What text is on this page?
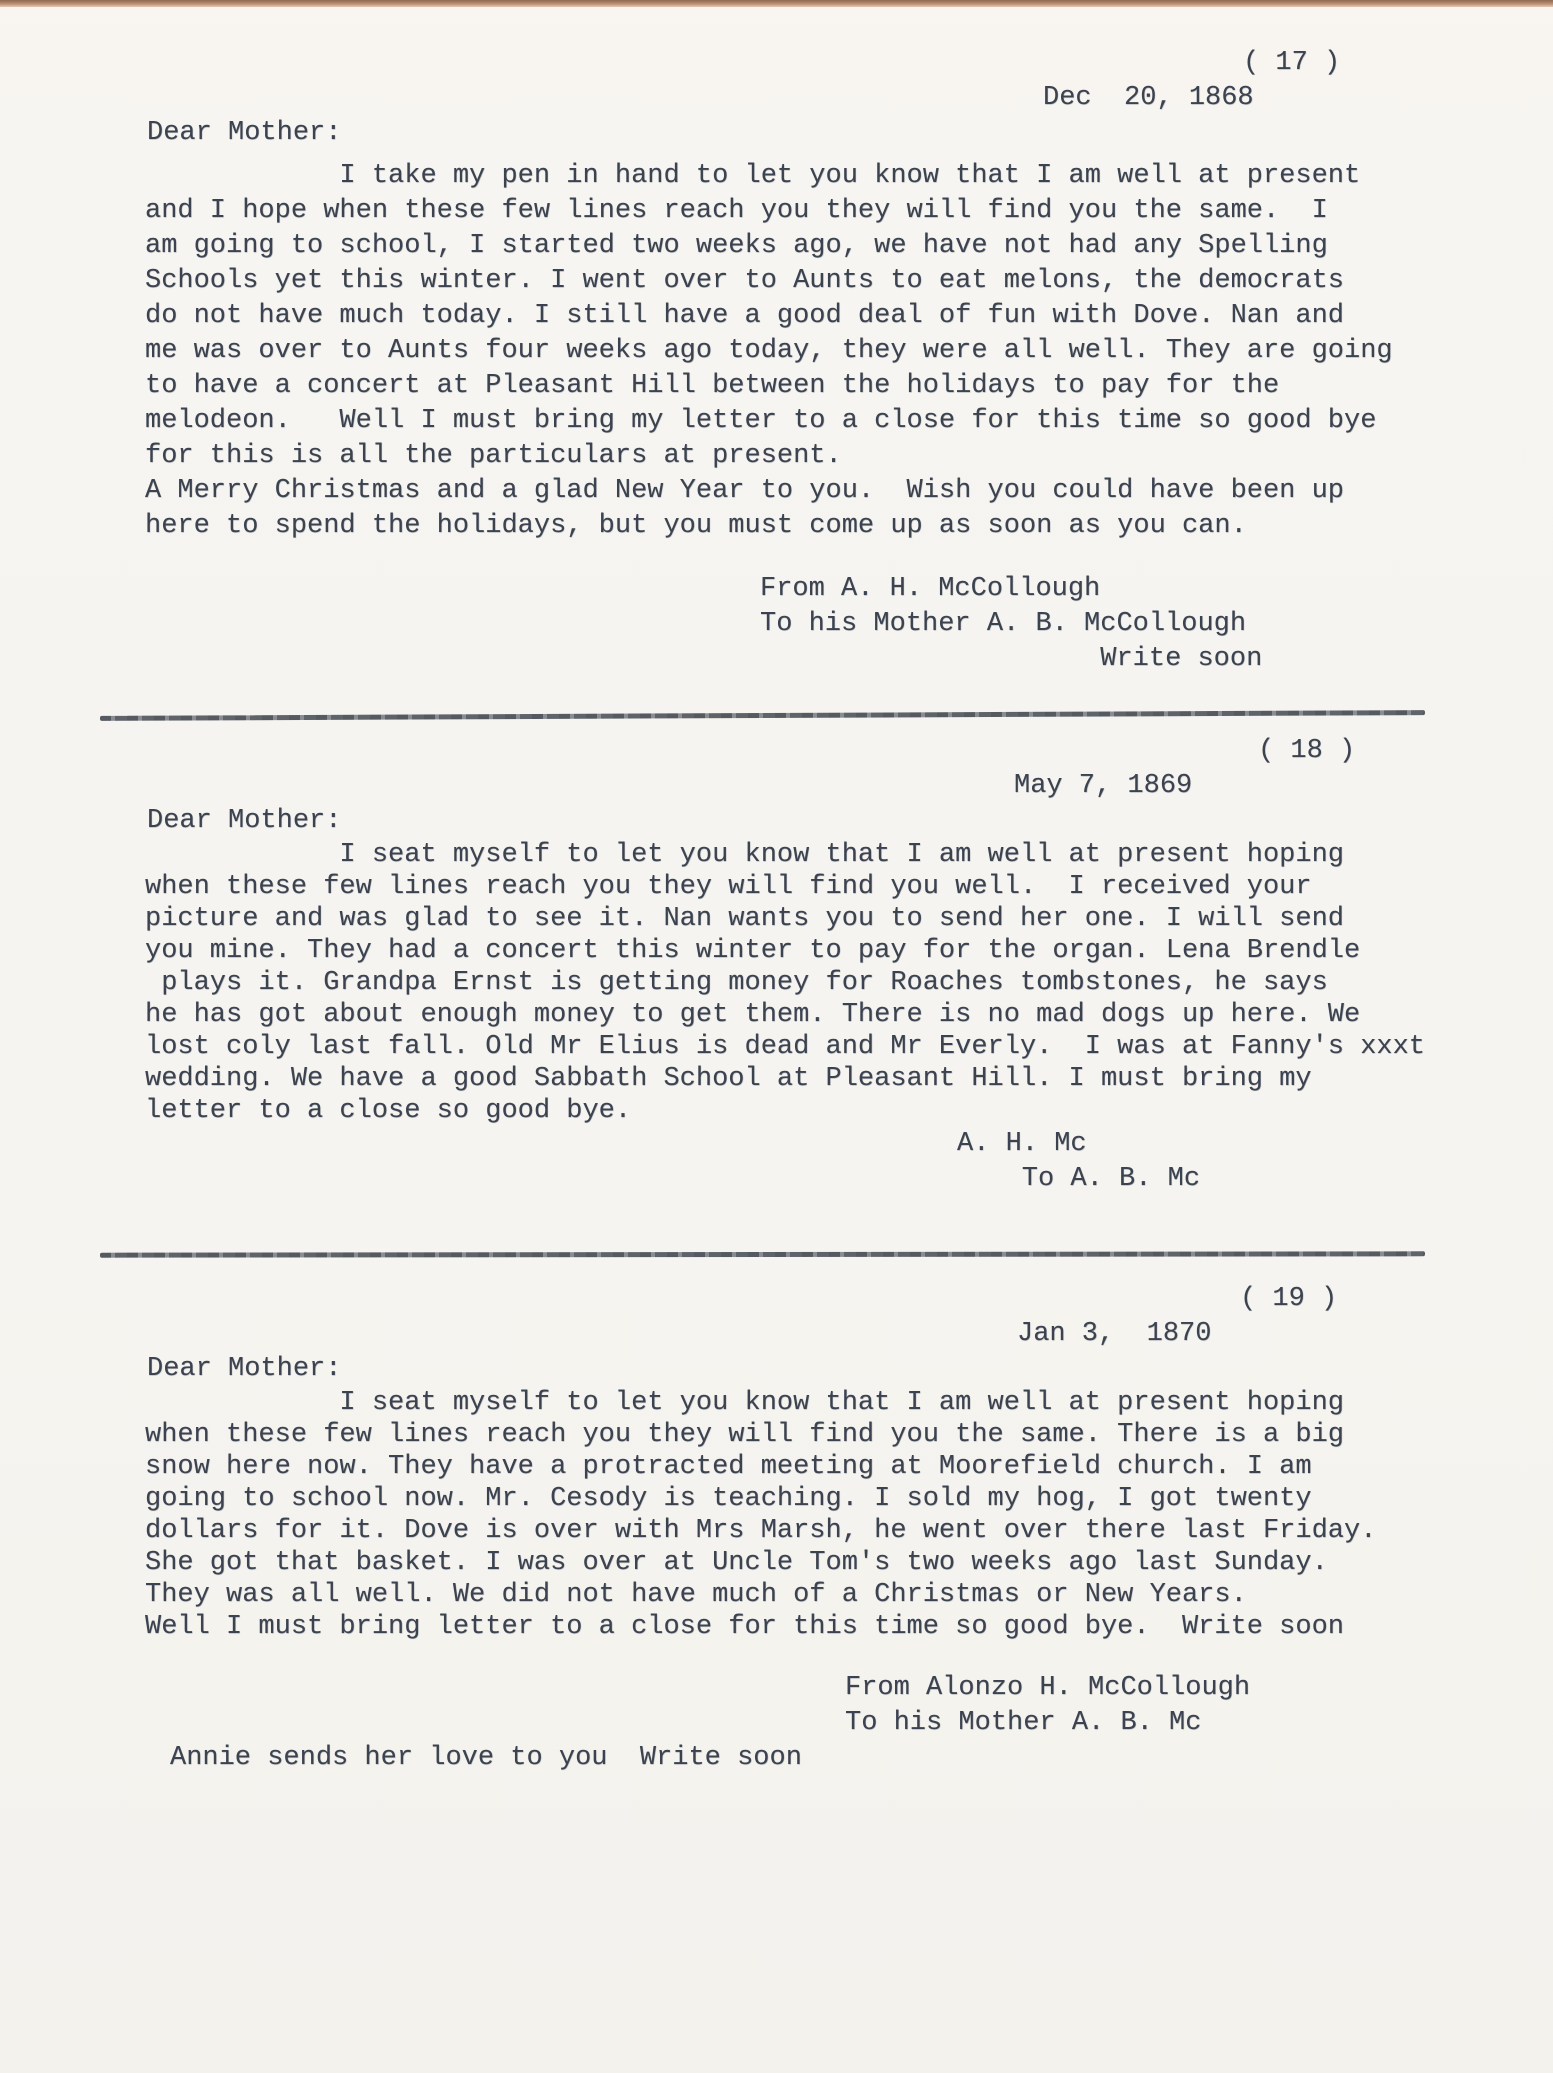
( 17 )
Dec  20, 1868
Dear Mother:
I take my pen in hand to let you know that I am well at present
and I hope when these few lines reach you they will find you the same.  I
am going to school, I started two weeks ago, we have not had any Spelling
Schools yet this winter. I went over to Aunts to eat melons, the democrats
do not have much today. I still have a good deal of fun with Dove. Nan and
me was over to Aunts four weeks ago today, they were all well. They are going
to have a concert at Pleasant Hill between the holidays to pay for the
melodeon.   Well I must bring my letter to a close for this time so good bye
for this is all the particulars at present.
A Merry Christmas and a glad New Year to you.  Wish you could have been up
here to spend the holidays, but you must come up as soon as you can.
From A. H. McCollough
To his Mother A. B. McCollough
Write soon
( 18 )
May 7, 1869
Dear Mother:
I seat myself to let you know that I am well at present hoping
when these few lines reach you they will find you well.  I received your
picture and was glad to see it. Nan wants you to send her one. I will send
you mine. They had a concert this winter to pay for the organ. Lena Brendle
plays it. Grandpa Ernst is getting money for Roaches tombstones, he says
he has got about enough money to get them. There is no mad dogs up here. We
lost coly last fall. Old Mr Elius is dead and Mr Everly.  I was at Fanny's xxxt
wedding. We have a good Sabbath School at Pleasant Hill. I must bring my
letter to a close so good bye.
A. H. Mc
To A. B. Mc
( 19 )
Jan 3,  1870
Dear Mother:
I seat myself to let you know that I am well at present hoping
when these few lines reach you they will find you the same. There is a big
snow here now. They have a protracted meeting at Moorefield church. I am
going to school now. Mr. Cesody is teaching. I sold my hog, I got twenty
dollars for it. Dove is over with Mrs Marsh, he went over there last Friday.
She got that basket. I was over at Uncle Tom's two weeks ago last Sunday.
They was all well. We did not have much of a Christmas or New Years.
Well I must bring letter to a close for this time so good bye.  Write soon
From Alonzo H. McCollough
To his Mother A. B. Mc
Annie sends her love to you  Write soon
